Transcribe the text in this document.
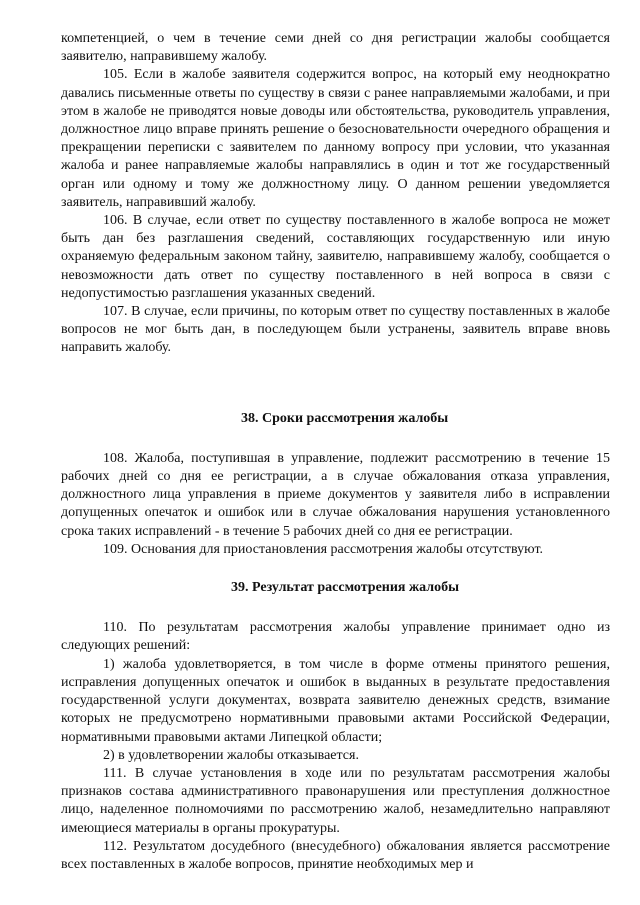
компетенцией, о чем в течение семи дней со дня регистрации жалобы сообщается заявителю, направившему жалобу.

105. Если в жалобе заявителя содержится вопрос, на который ему неоднократно давались письменные ответы по существу в связи с ранее направляемыми жалобами, и при этом в жалобе не приводятся новые доводы или обстоятельства, руководитель управления, должностное лицо вправе принять решение о безосновательности очередного обращения и прекращении переписки с заявителем по данному вопросу при условии, что указанная жалоба и ранее направляемые жалобы направлялись в один и тот же государственный орган или одному и тому же должностному лицу. О данном решении уведомляется заявитель, направивший жалобу.

106. В случае, если ответ по существу поставленного в жалобе вопроса не может быть дан без разглашения сведений, составляющих государственную или иную охраняемую федеральным законом тайну, заявителю, направившему жалобу, сообщается о невозможности дать ответ по существу поставленного в ней вопроса в связи с недопустимостью разглашения указанных сведений.

107. В случае, если причины, по которым ответ по существу поставленных в жалобе вопросов не мог быть дан, в последующем были устранены, заявитель вправе вновь направить жалобу.

38. Сроки рассмотрения жалобы

108. Жалоба, поступившая в управление, подлежит рассмотрению в течение 15 рабочих дней со дня ее регистрации, а в случае обжалования отказа управления, должностного лица управления в приеме документов у заявителя либо в исправлении допущенных опечаток и ошибок или в случае обжалования нарушения установленного срока таких исправлений - в течение 5 рабочих дней со дня ее регистрации.

109. Основания для приостановления рассмотрения жалобы отсутствуют.

39. Результат рассмотрения жалобы

110. По результатам рассмотрения жалобы управление принимает одно из следующих решений:

1) жалоба удовлетворяется, в том числе в форме отмены принятого решения, исправления допущенных опечаток и ошибок в выданных в результате предоставления государственной услуги документах, возврата заявителю денежных средств, взимание которых не предусмотрено нормативными правовыми актами Российской Федерации, нормативными правовыми актами Липецкой области;

2) в удовлетворении жалобы отказывается.

111. В случае установления в ходе или по результатам рассмотрения жалобы признаков состава административного правонарушения или преступления должностное лицо, наделенное полномочиями по рассмотрению жалоб, незамедлительно направляют имеющиеся материалы в органы прокуратуры.

112. Результатом досудебного (внесудебного) обжалования является рассмотрение всех поставленных в жалобе вопросов, принятие необходимых мер и
